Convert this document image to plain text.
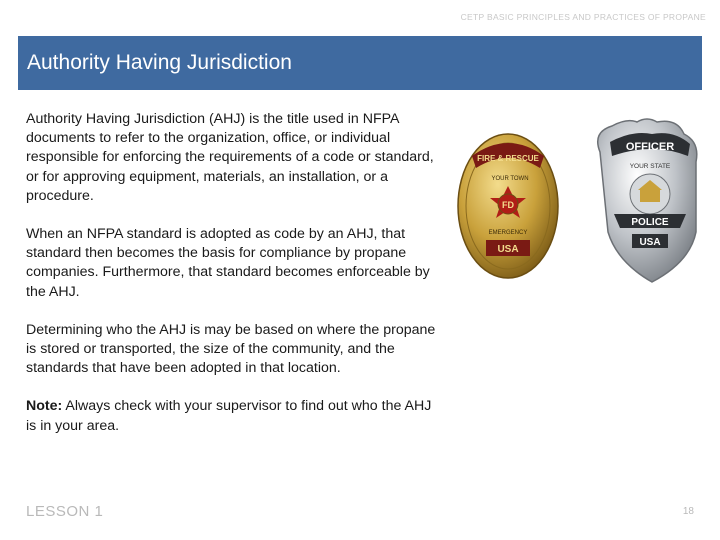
CETP BASIC PRINCIPLES AND PRACTICES OF PROPANE
Authority Having Jurisdiction

Authority Having Jurisdiction (AHJ) is the title used in NFPA documents to refer to the organization, office, or individual responsible for enforcing the requirements of a code or standard, or for approving equipment, materials, an installation, or a procedure.

When an NFPA standard is adopted as code by an AHJ, that standard then becomes the basis for compliance by propane companies. Furthermore, that standard becomes enforceable by the AHJ.

Determining who the AHJ is may be based on where the propane is stored or transported, the size of the community, and the standards that have been adopted in that location.

Note: Always check with your supervisor to find out who the AHJ is in your area.

OFFICER
YOUR STATE
POLICE
USA
FIRE & RESCUE
YOUR TOWN
FD
EMERGENCY
USA
LESSON 1	18
